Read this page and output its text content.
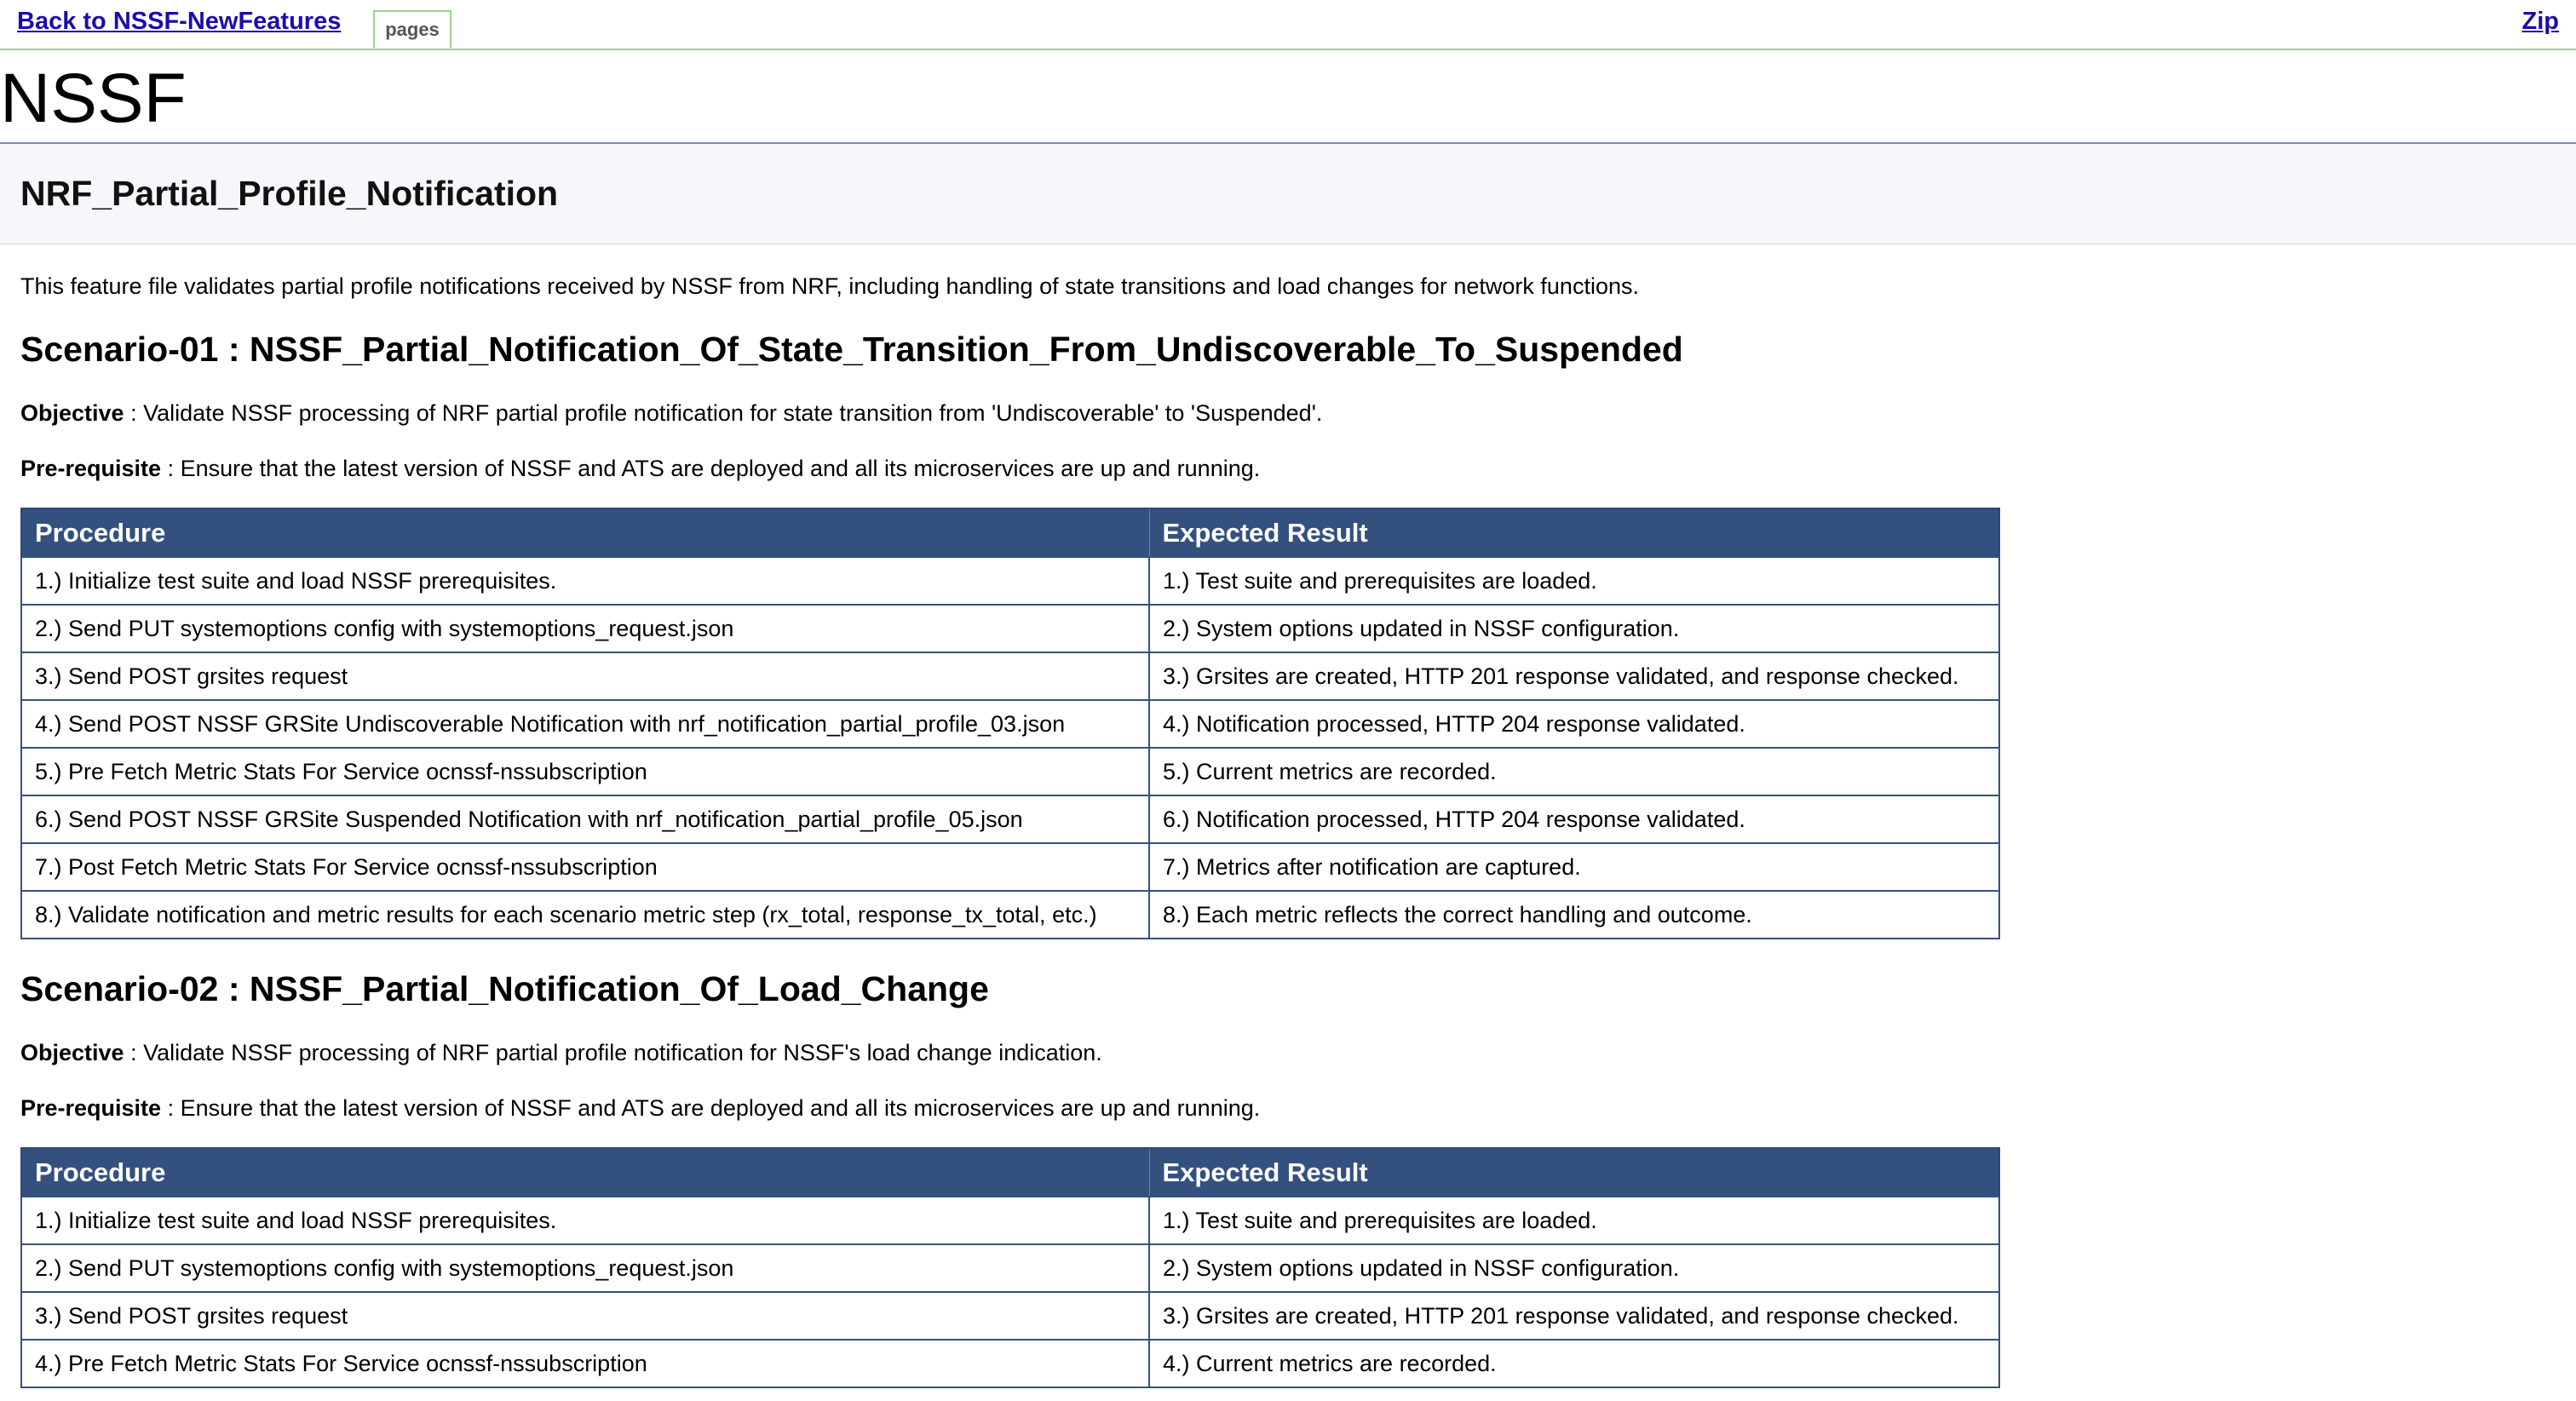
Back to NSSF-NewFeatures	pages	Zip
NSSF
NRF_Partial_Profile_Notification

This feature file validates partial profile notifications received by NSSF from NRF, including handling of state transitions and load changes for network functions.

Scenario-01 : NSSF_Partial_Notification_Of_State_Transition_From_Undiscoverable_To_Suspended

Objective : Validate NSSF processing of NRF partial profile notification for state transition from 'Undiscoverable' to 'Suspended'.

Pre-requisite : Ensure that the latest version of NSSF and ATS are deployed and all its microservices are up and running.

Procedure	Expected Result
1.) Initialize test suite and load NSSF prerequisites.	1.) Test suite and prerequisites are loaded.
2.) Send PUT systemoptions config with systemoptions_request.json	2.) System options updated in NSSF configuration.
3.) Send POST grsites request	3.) Grsites are created, HTTP 201 response validated, and response checked.
4.) Send POST NSSF GRSite Undiscoverable Notification with nrf_notification_partial_profile_03.json	4.) Notification processed, HTTP 204 response validated.
5.) Pre Fetch Metric Stats For Service ocnssf-nssubscription	5.) Current metrics are recorded.
6.) Send POST NSSF GRSite Suspended Notification with nrf_notification_partial_profile_05.json	6.) Notification processed, HTTP 204 response validated.
7.) Post Fetch Metric Stats For Service ocnssf-nssubscription	7.) Metrics after notification are captured.
8.) Validate notification and metric results for each scenario metric step (rx_total, response_tx_total, etc.)	8.) Each metric reflects the correct handling and outcome.
Scenario-02 : NSSF_Partial_Notification_Of_Load_Change

Objective : Validate NSSF processing of NRF partial profile notification for NSSF's load change indication.

Pre-requisite : Ensure that the latest version of NSSF and ATS are deployed and all its microservices are up and running.

Procedure	Expected Result
1.) Initialize test suite and load NSSF prerequisites.	1.) Test suite and prerequisites are loaded.
2.) Send PUT systemoptions config with systemoptions_request.json	2.) System options updated in NSSF configuration.
3.) Send POST grsites request	3.) Grsites are created, HTTP 201 response validated, and response checked.
4.) Pre Fetch Metric Stats For Service ocnssf-nssubscription	4.) Current metrics are recorded.
